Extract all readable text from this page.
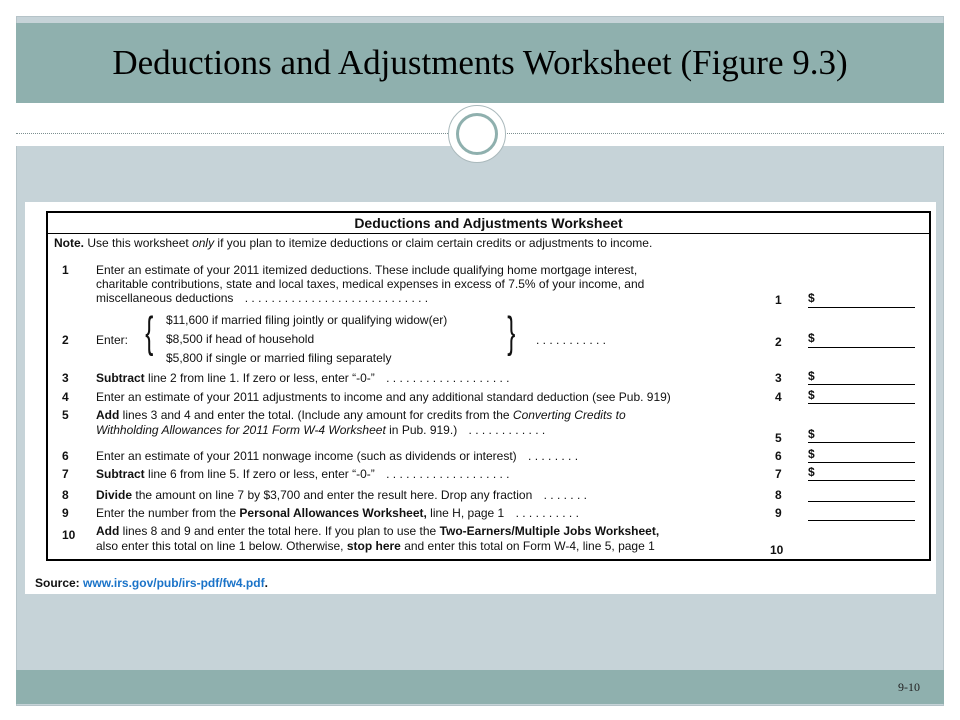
Deductions and Adjustments Worksheet (Figure 9.3)
Deductions and Adjustments Worksheet
Note. Use this worksheet only if you plan to itemize deductions or claim certain credits or adjustments to income.
1 Enter an estimate of your 2011 itemized deductions. These include qualifying home mortgage interest,
charitable contributions, state and local taxes, medical expenses in excess of 7.5% of your income, and
miscellaneous deductions . . . . . . . . . . . . . . . . . . . . . . . . . . . .	1 $
2 Enter: { $11,600 if married filing jointly or qualifying widow(er)
$8,500 if head of household
$5,800 if single or married filing separately
} . . . . . . . . . . .	2 $
3 Subtract line 2 from line 1. If zero or less, enter “-0-” . . . . . . . . . . . . . . . . . . .	3 $
4 Enter an estimate of your 2011 adjustments to income and any additional standard deduction (see Pub. 919)	4 $
5 Add lines 3 and 4 and enter the total. (Include any amount for credits from the Converting Credits to
Withholding Allowances for 2011 Form W-4 Worksheet in Pub. 919.) . . . . . . . . . . . .
5 $
6 Enter an estimate of your 2011 nonwage income (such as dividends or interest) . . . . . . . .	6 $
7 Subtract line 6 from line 5. If zero or less, enter “-0-” . . . . . . . . . . . . . . . . . . .	7 $
8 Divide the amount on line 7 by $3,700 and enter the result here. Drop any fraction . . . . . . .	8
9 Enter the number from the Personal Allowances Worksheet, line H, page 1 . . . . . . . . . .	9
10 Add lines 8 and 9 and enter the total here. If you plan to use the Two-Earners/Multiple Jobs Worksheet,
also enter this total on line 1 below. Otherwise, stop here and enter this total on Form W-4, line 5, page 1	10
Source: www.irs.gov/pub/irs-pdf/fw4.pdf.
9-10
